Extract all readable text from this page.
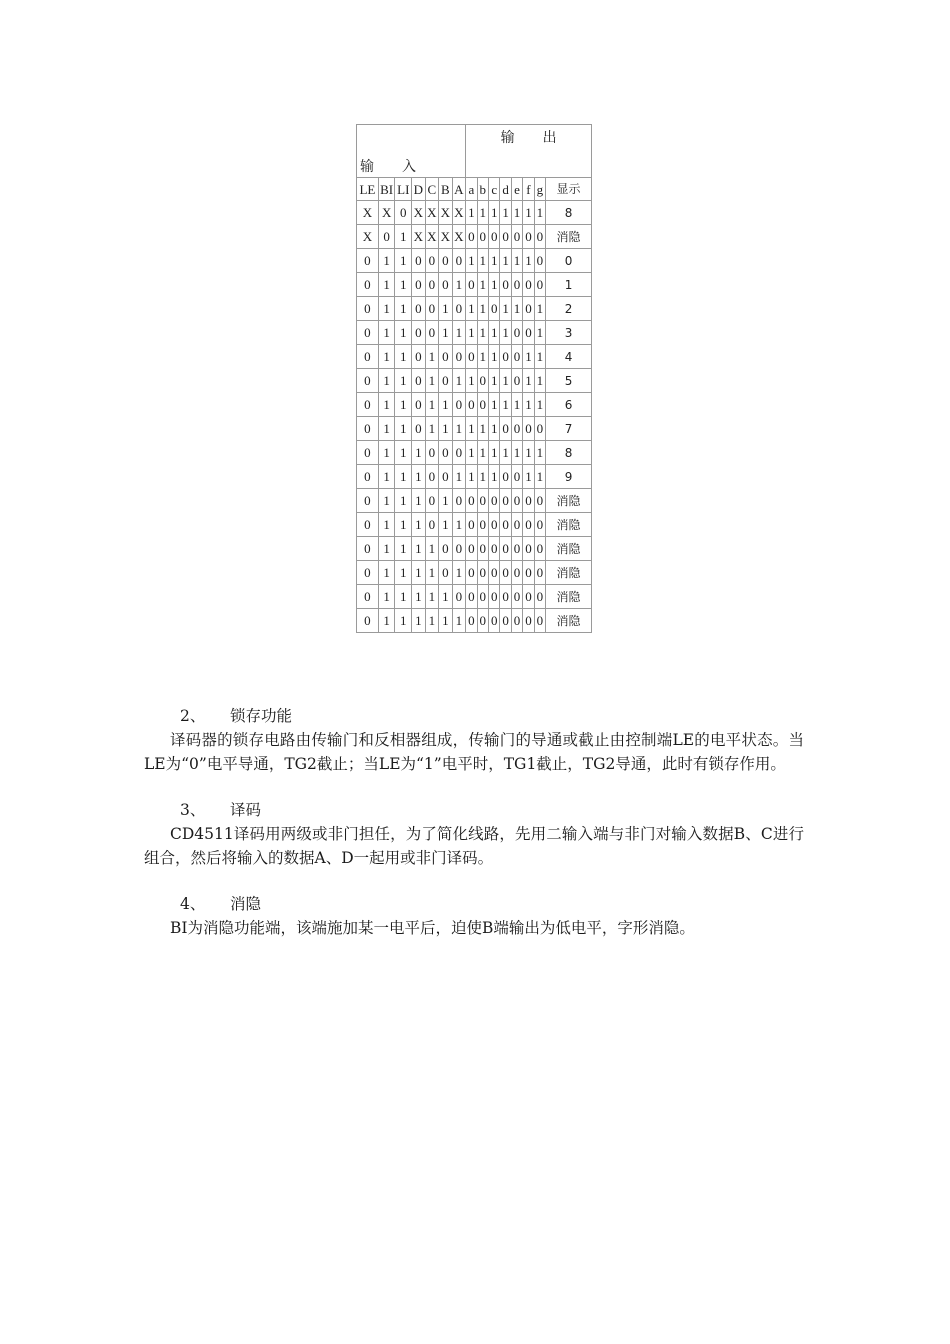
输　　入							输　　出							
LE	BI	LI	D	C	B	A	a	b	c	d	e	f	g	显示
X	X	0	X	X	X	X	1	1	1	1	1	1	1	8
X	0	1	X	X	X	X	0	0	0	0	0	0	0	消隐
0	1	1	0	0	0	0	1	1	1	1	1	1	0	0
0	1	1	0	0	0	1	0	1	1	0	0	0	0	1
0	1	1	0	0	1	0	1	1	0	1	1	0	1	2
0	1	1	0	0	1	1	1	1	1	1	0	0	1	3
0	1	1	0	1	0	0	0	1	1	0	0	1	1	4
0	1	1	0	1	0	1	1	0	1	1	0	1	1	5
0	1	1	0	1	1	0	0	0	1	1	1	1	1	6
0	1	1	0	1	1	1	1	1	1	0	0	0	0	7
0	1	1	1	0	0	0	1	1	1	1	1	1	1	8
0	1	1	1	0	0	1	1	1	1	0	0	1	1	9
0	1	1	1	0	1	0	0	0	0	0	0	0	0	消隐
0	1	1	1	0	1	1	0	0	0	0	0	0	0	消隐
0	1	1	1	1	0	0	0	0	0	0	0	0	0	消隐
0	1	1	1	1	0	1	0	0	0	0	0	0	0	消隐
0	1	1	1	1	1	0	0	0	0	0	0	0	0	消隐
0	1	1	1	1	1	1	0	0	0	0	0	0	0	消隐
2、 锁存功能

译码器的锁存电路由传输门和反相器组成，传输门的导通或截止由控制端LE的电平状态。当LE为“0”电平导通，TG2截止；当LE为“1”电平时，TG1截止，TG2导通，此时有锁存作用。

3、 译码

CD4511译码用两级或非门担任，为了简化线路，先用二输入端与非门对输入数据B、C进行组合，然后将输入的数据A、D一起用或非门译码。

4、 消隐

BI为消隐功能端，该端施加某一电平后，迫使B端输出为低电平，字形消隐。
